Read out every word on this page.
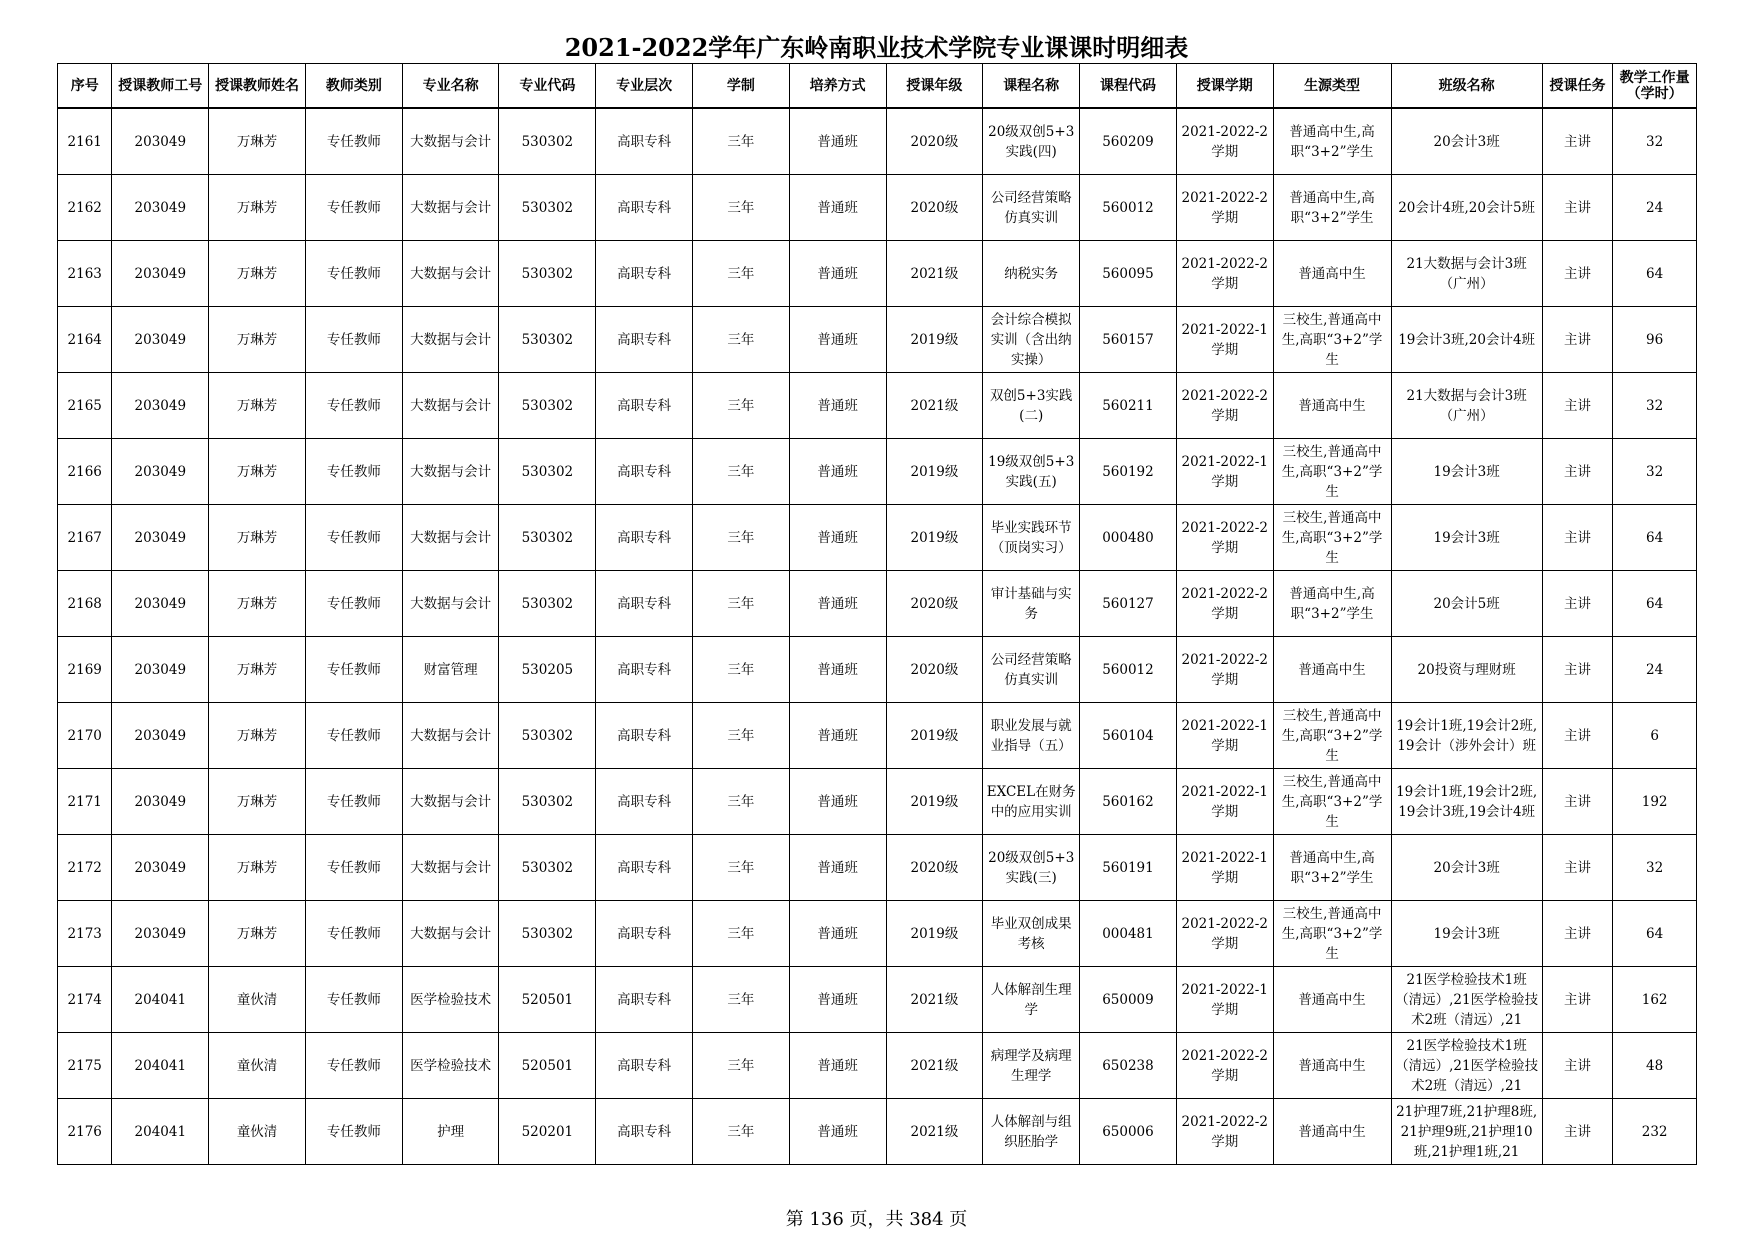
2021-2022学年广东岭南职业技术学院专业课课时明细表
序号	授课教师工号	授课教师姓名	教师类别	专业名称	专业代码	专业层次	学制	培养方式	授课年级	课程名称	课程代码	授课学期	生源类型	班级名称	授课任务	教学工作量（学时）

2161	203049	万琳芳	专任教师	大数据与会计	530302	高职专科	三年	普通班	2020级	20级双创5+3实践(四)	560209	2021-2022-2学期	普通高中生,高职“3+2”学生	20会计3班	主讲	32

2162	203049	万琳芳	专任教师	大数据与会计	530302	高职专科	三年	普通班	2020级	公司经营策略仿真实训	560012	2021-2022-2学期	普通高中生,高职“3+2”学生	20会计4班,20会计5班	主讲	24

2163	203049	万琳芳	专任教师	大数据与会计	530302	高职专科	三年	普通班	2021级	纳税实务	560095	2021-2022-2学期	普通高中生	21大数据与会计3班（广州）	主讲	64

2164	203049	万琳芳	专任教师	大数据与会计	530302	高职专科	三年	普通班	2019级	会计综合模拟实训（含出纳实操）	560157	2021-2022-1学期	三校生,普通高中生,高职“3+2”学生	19会计3班,20会计4班	主讲	96

2165	203049	万琳芳	专任教师	大数据与会计	530302	高职专科	三年	普通班	2021级	双创5+3实践(二)	560211	2021-2022-2学期	普通高中生	21大数据与会计3班（广州）	主讲	32

2166	203049	万琳芳	专任教师	大数据与会计	530302	高职专科	三年	普通班	2019级	19级双创5+3实践(五)	560192	2021-2022-1学期	三校生,普通高中生,高职“3+2”学生	19会计3班	主讲	32

2167	203049	万琳芳	专任教师	大数据与会计	530302	高职专科	三年	普通班	2019级	毕业实践环节（顶岗实习）	000480	2021-2022-2学期	三校生,普通高中生,高职“3+2”学生	19会计3班	主讲	64

2168	203049	万琳芳	专任教师	大数据与会计	530302	高职专科	三年	普通班	2020级	审计基础与实务	560127	2021-2022-2学期	普通高中生,高职“3+2”学生	20会计5班	主讲	64

2169	203049	万琳芳	专任教师	财富管理	530205	高职专科	三年	普通班	2020级	公司经营策略仿真实训	560012	2021-2022-2学期	普通高中生	20投资与理财班	主讲	24

2170	203049	万琳芳	专任教师	大数据与会计	530302	高职专科	三年	普通班	2019级	职业发展与就业指导（五）	560104	2021-2022-1学期	三校生,普通高中生,高职“3+2”学生	19会计1班,19会计2班,19会计（涉外会计）班	主讲	6

2171	203049	万琳芳	专任教师	大数据与会计	530302	高职专科	三年	普通班	2019级	EXCEL在财务中的应用实训	560162	2021-2022-1学期	三校生,普通高中生,高职“3+2”学生	19会计1班,19会计2班,19会计3班,19会计4班	主讲	192

2172	203049	万琳芳	专任教师	大数据与会计	530302	高职专科	三年	普通班	2020级	20级双创5+3实践(三)	560191	2021-2022-1学期	普通高中生,高职“3+2”学生	20会计3班	主讲	32

2173	203049	万琳芳	专任教师	大数据与会计	530302	高职专科	三年	普通班	2019级	毕业双创成果考核	000481	2021-2022-2学期	三校生,普通高中生,高职“3+2”学生	19会计3班	主讲	64

2174	204041	童伙清	专任教师	医学检验技术	520501	高职专科	三年	普通班	2021级	人体解剖生理学	650009	2021-2022-1学期	普通高中生	21医学检验技术1班（清远）,21医学检验技术2班（清远）,21	主讲	162

2175	204041	童伙清	专任教师	医学检验技术	520501	高职专科	三年	普通班	2021级	病理学及病理生理学	650238	2021-2022-2学期	普通高中生	21医学检验技术1班（清远）,21医学检验技术2班（清远）,21	主讲	48

2176	204041	童伙清	专任教师	护理	520201	高职专科	三年	普通班	2021级	人体解剖与组织胚胎学	650006	2021-2022-2学期	普通高中生	21护理7班,21护理8班,21护理9班,21护理10班,21护理1班,21	主讲	232
第 136 页，共 384 页
